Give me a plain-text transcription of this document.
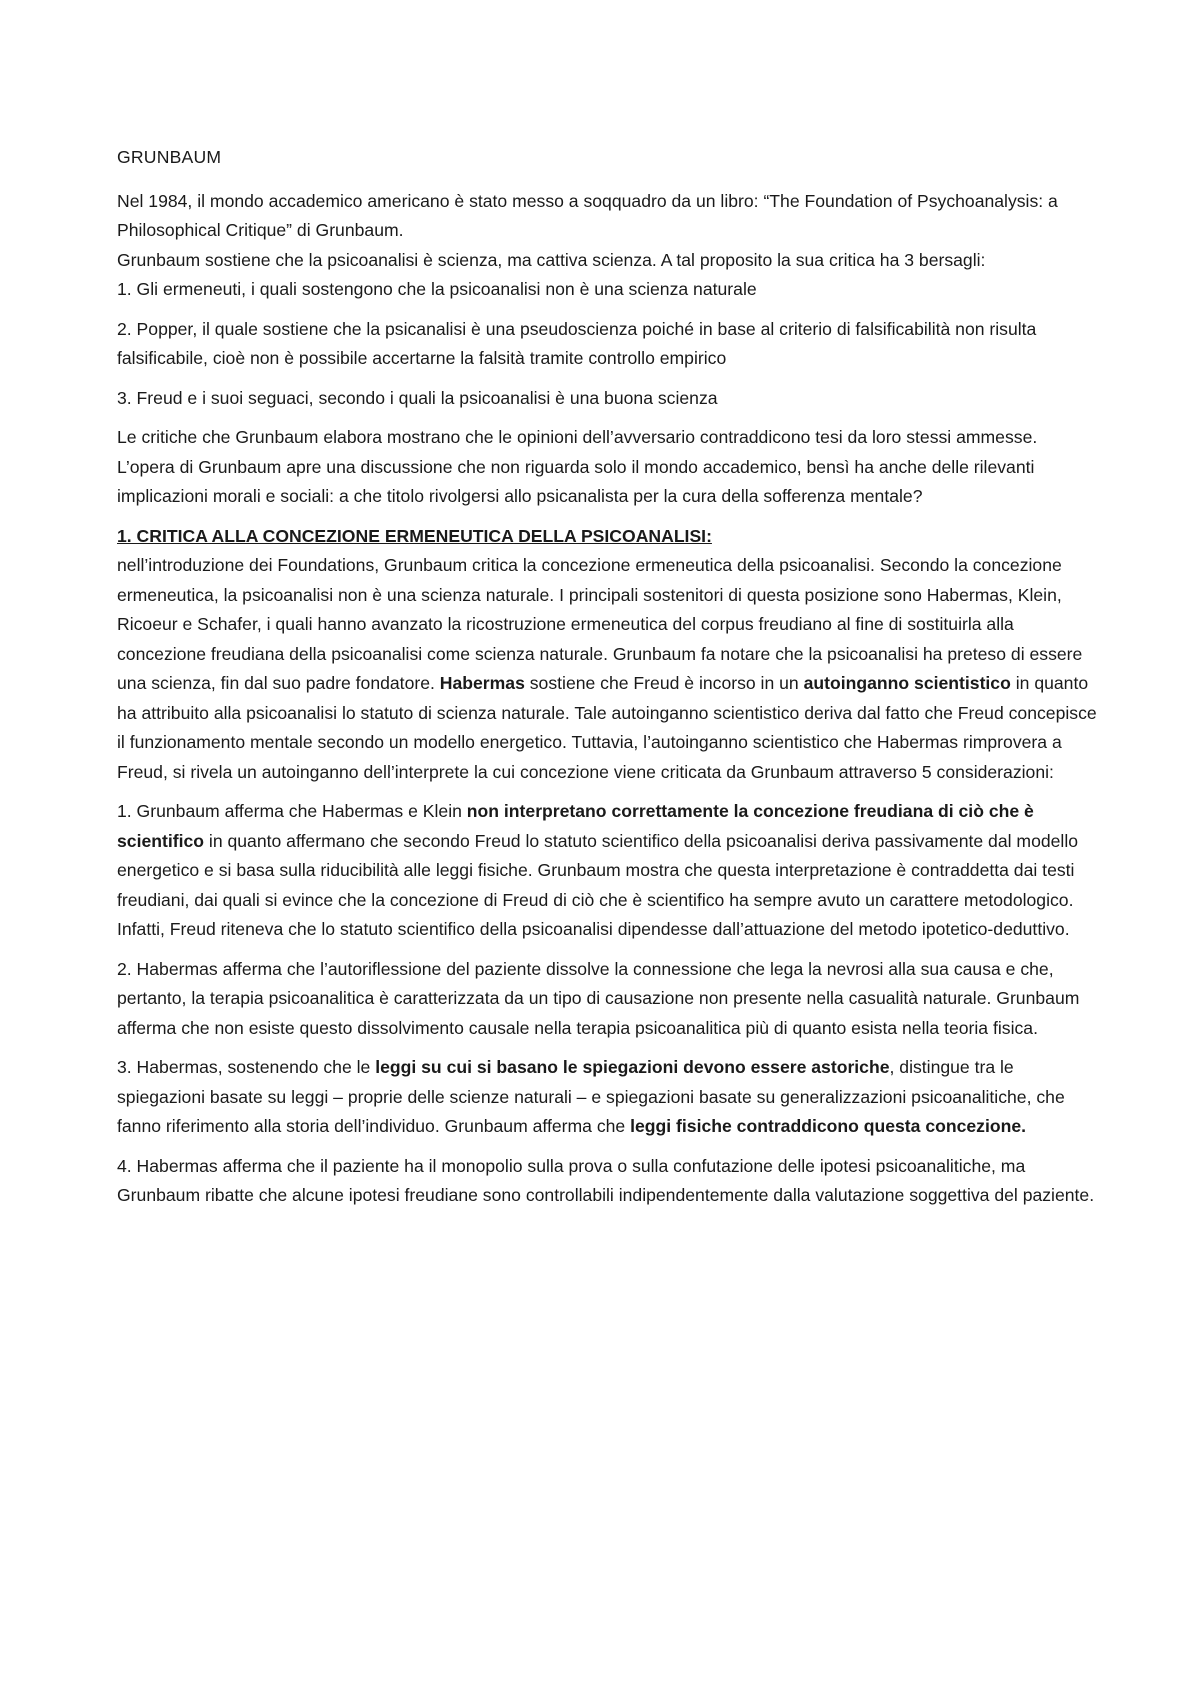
GRUNBAUM

Nel 1984, il mondo accademico americano è stato messo a soqquadro da un libro: “The Foundation of Psychoanalysis: a Philosophical Critique” di Grunbaum.

Grunbaum sostiene che la psicoanalisi è scienza, ma cattiva scienza. A tal proposito la sua critica ha 3 bersagli:

1. Gli ermeneuti, i quali sostengono che la psicoanalisi non è una scienza naturale

2. Popper, il quale sostiene che la psicanalisi è una pseudoscienza poiché in base al criterio di falsificabilità non risulta falsificabile, cioè non è possibile accertarne la falsità tramite controllo empirico

3. Freud e i suoi seguaci, secondo i quali la psicoanalisi è una buona scienza

Le critiche che Grunbaum elabora mostrano che le opinioni dell’avversario contraddicono tesi da loro stessi ammesse. L’opera di Grunbaum apre una discussione che non riguarda solo il mondo accademico, bensì ha anche delle rilevanti implicazioni morali e sociali: a che titolo rivolgersi allo psicanalista per la cura della sofferenza mentale?

1. CRITICA ALLA CONCEZIONE ERMENEUTICA DELLA PSICOANALISI:

nell’introduzione dei Foundations, Grunbaum critica la concezione ermeneutica della psicoanalisi. Secondo la concezione ermeneutica, la psicoanalisi non è una scienza naturale. I principali sostenitori di questa posizione sono Habermas, Klein, Ricoeur e Schafer, i quali hanno avanzato la ricostruzione ermeneutica del corpus freudiano al fine di sostituirla alla concezione freudiana della psicoanalisi come scienza naturale. Grunbaum fa notare che la psicoanalisi ha preteso di essere una scienza, fin dal suo padre fondatore. Habermas sostiene che Freud è incorso in un autoinganno scientistico in quanto ha attribuito alla psicoanalisi lo statuto di scienza naturale. Tale autoinganno scientistico deriva dal fatto che Freud concepisce il funzionamento mentale secondo un modello energetico. Tuttavia, l’autoinganno scientistico che Habermas rimprovera a Freud, si rivela un autoinganno dell’interprete la cui concezione viene criticata da Grunbaum attraverso 5 considerazioni:

1. Grunbaum afferma che Habermas e Klein non interpretano correttamente la concezione freudiana di ciò che è scientifico in quanto affermano che secondo Freud lo statuto scientifico della psicoanalisi deriva passivamente dal modello energetico e si basa sulla riducibilità alle leggi fisiche. Grunbaum mostra che questa interpretazione è contraddetta dai testi freudiani, dai quali si evince che la concezione di Freud di ciò che è scientifico ha sempre avuto un carattere metodologico. Infatti, Freud riteneva che lo statuto scientifico della psicoanalisi dipendesse dall’attuazione del metodo ipotetico-deduttivo.

2. Habermas afferma che l’autoriflessione del paziente dissolve la connessione che lega la nevrosi alla sua causa e che, pertanto, la terapia psicoanalitica è caratterizzata da un tipo di causazione non presente nella casualità naturale. Grunbaum afferma che non esiste questo dissolvimento causale nella terapia psicoanalitica più di quanto esista nella teoria fisica.

3. Habermas, sostenendo che le leggi su cui si basano le spiegazioni devono essere astoriche, distingue tra le spiegazioni basate su leggi – proprie delle scienze naturali – e spiegazioni basate su generalizzazioni psicoanalitiche, che fanno riferimento alla storia dell’individuo. Grunbaum afferma che leggi fisiche contraddicono questa concezione.

4. Habermas afferma che il paziente ha il monopolio sulla prova o sulla confutazione delle ipotesi psicoanalitiche, ma Grunbaum ribatte che alcune ipotesi freudiane sono controllabili indipendentemente dalla valutazione soggettiva del paziente.
